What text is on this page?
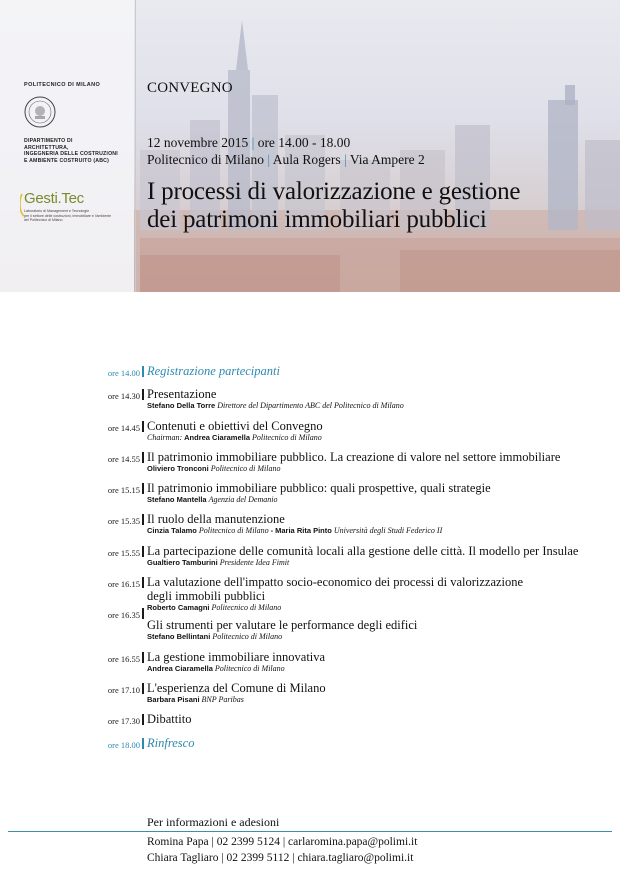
POLITECNICO DI MILANO
DIPARTIMENTO DI
ARCHITETTURA,
INGEGNERIA DELLE COSTRUZIONI
E AMBIENTE COSTRUITO (ABC)
Gesti.Tec
Laboratorio di Management e Tecnologie
per il settore delle costruzioni, immobiliare e l'ambiente
del Politecnico di Milano
CONVEGNO
12 novembre 2015 | ore 14.00 - 18.00
Politecnico di Milano | Aula Rogers | Via Ampere 2
I processi di valorizzazione e gestione
dei patrimoni immobiliari pubblici
ore 14.00 Registrazione partecipanti
ore 14.30 Presentazione
Stefano Della Torre Direttore del Dipartimento ABC del Politecnico di Milano
ore 14.45 Contenuti e obiettivi del Convegno
Chairman: Andrea Ciaramella Politecnico di Milano
ore 14.55 Il patrimonio immobiliare pubblico. La creazione di valore nel settore immobiliare
Oliviero Tronconi Politecnico di Milano
ore 15.15 Il patrimonio immobiliare pubblico: quali prospettive, quali strategie
Stefano Mantella Agenzia del Demanio
ore 15.35 Il ruolo della manutenzione
Cinzia Talamo Politecnico di Milano - Maria Rita Pinto Università degli Studi Federico II
ore 15.55 La partecipazione delle comunità locali alla gestione delle città. Il modello per Insulae
Gualtiero Tamburini Presidente Idea Fimit
ore 16.15 La valutazione dell'impatto socio-economico dei processi di valorizzazione
degli immobili pubblici
Roberto Camagni Politecnico di Milano
ore 16.35
Gli strumenti per valutare le performance degli edifici
Stefano Bellintani Politecnico di Milano
ore 16.55 La gestione immobiliare innovativa
Andrea Ciaramella Politecnico di Milano
ore 17.10 L'esperienza del Comune di Milano
Barbara Pisani BNP Paribas
ore 17.30 Dibattito
ore 18.00 Rinfresco
Per informazioni e adesioni
Romina Papa | 02 2399 5124 | carlaromina.papa@polimi.it
Chiara Tagliaro | 02 2399 5112 | chiara.tagliaro@polimi.it
